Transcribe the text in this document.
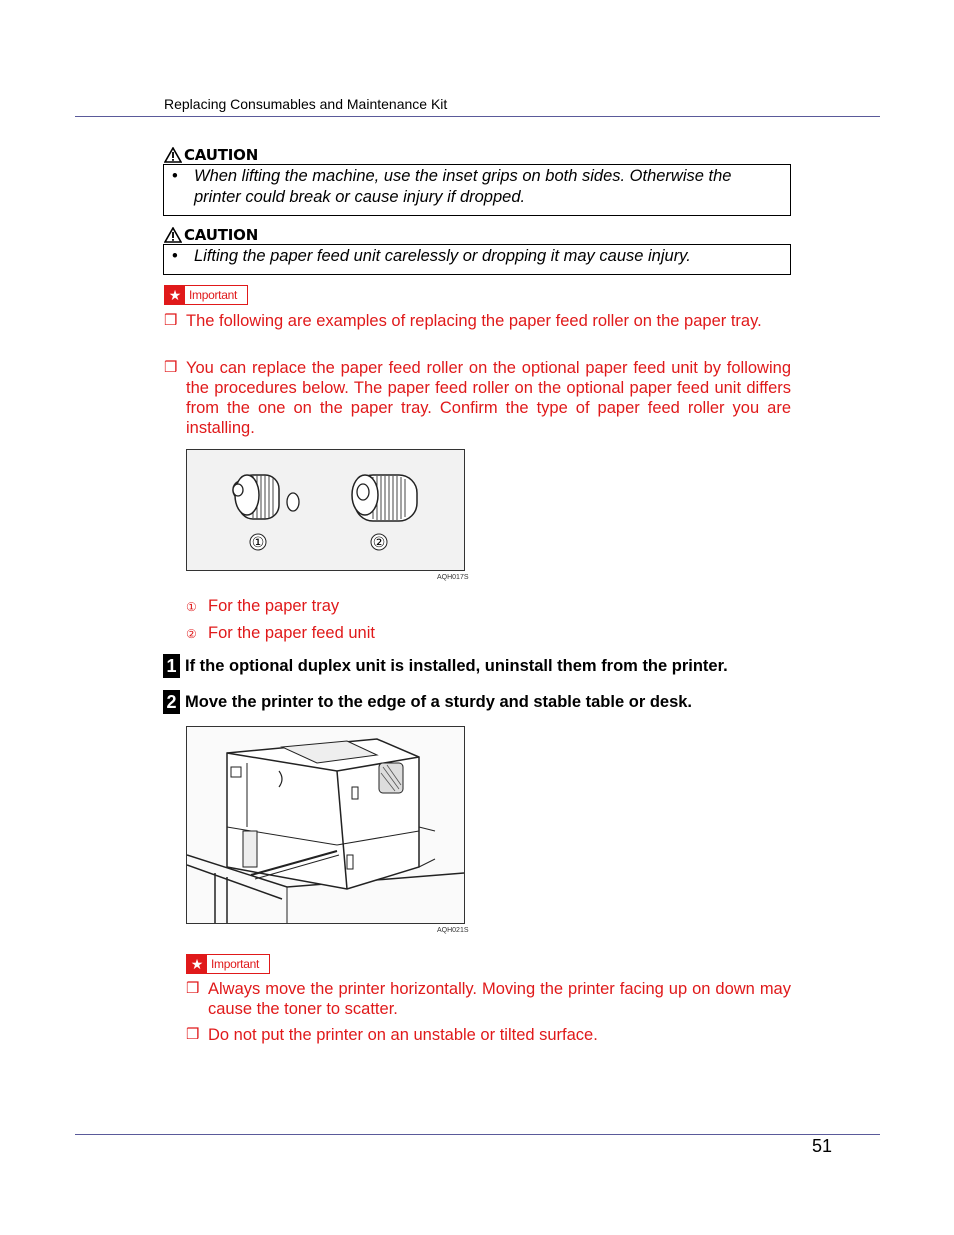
Replacing Consumables and Maintenance Kit
CAUTION
• When lifting the machine, use the inset grips on both sides. Otherwise the printer could break or cause injury if dropped.
CAUTION
• Lifting the paper feed unit carelessly or dropping it may cause injury.
★ Important
❒ The following are examples of replacing the paper feed roller on the paper tray.
❒ You can replace the paper feed roller on the optional paper feed unit by following the procedures below. The paper feed roller on the optional paper feed unit differs from the one on the paper tray. Confirm the type of paper feed roller you are installing.
①	②
AQH017S
① For the paper tray
② For the paper feed unit
1 If the optional duplex unit is installed, uninstall them from the printer.
2 Move the printer to the edge of a sturdy and stable table or desk.
AQH021S
★ Important
❒ Always move the printer horizontally. Moving the printer facing up on down may cause the toner to scatter.
❒ Do not put the printer on an unstable or tilted surface.
51
